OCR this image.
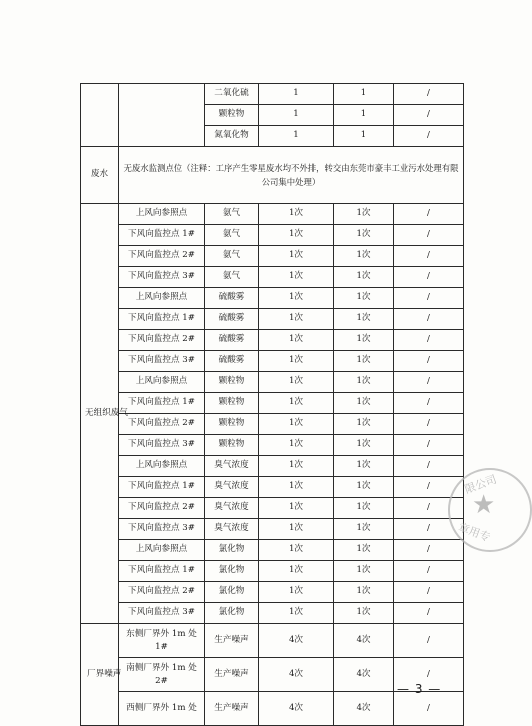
		二氧化硫	1	1	/
		颗粒物	1	1	/
		氮氧化物	1	1	/
废水	无废水监测点位（注释：工序产生零星废水均不外排，转交由东莞市豪丰工业污水处理有限公司集中处理）				
无组织废气	上风向参照点	氨气	1次	1次	/
	下风向监控点 1#	氨气	1次	1次	/
	下风向监控点 2#	氨气	1次	1次	/
	下风向监控点 3#	氨气	1次	1次	/
	上风向参照点	硫酸雾	1次	1次	/
	下风向监控点 1#	硫酸雾	1次	1次	/
	下风向监控点 2#	硫酸雾	1次	1次	/
	下风向监控点 3#	硫酸雾	1次	1次	/
	上风向参照点	颗粒物	1次	1次	/
	下风向监控点 1#	颗粒物	1次	1次	/
	下风向监控点 2#	颗粒物	1次	1次	/
	下风向监控点 3#	颗粒物	1次	1次	/
	上风向参照点	臭气浓度	1次	1次	/
	下风向监控点 1#	臭气浓度	1次	1次	/
	下风向监控点 2#	臭气浓度	1次	1次	/
	下风向监控点 3#	臭气浓度	1次	1次	/
	上风向参照点	氯化物	1次	1次	/
	下风向监控点 1#	氯化物	1次	1次	/
	下风向监控点 2#	氯化物	1次	1次	/
	下风向监控点 3#	氯化物	1次	1次	/
厂界噪声	东侧厂界外 1m 处1#	生产噪声	4次	4次	/
	南侧厂界外 1m 处2#	生产噪声	4次	4次	/
	西侧厂界外 1m 处	生产噪声	4次	4次	/
— 3 —
限公司
★
章用专
